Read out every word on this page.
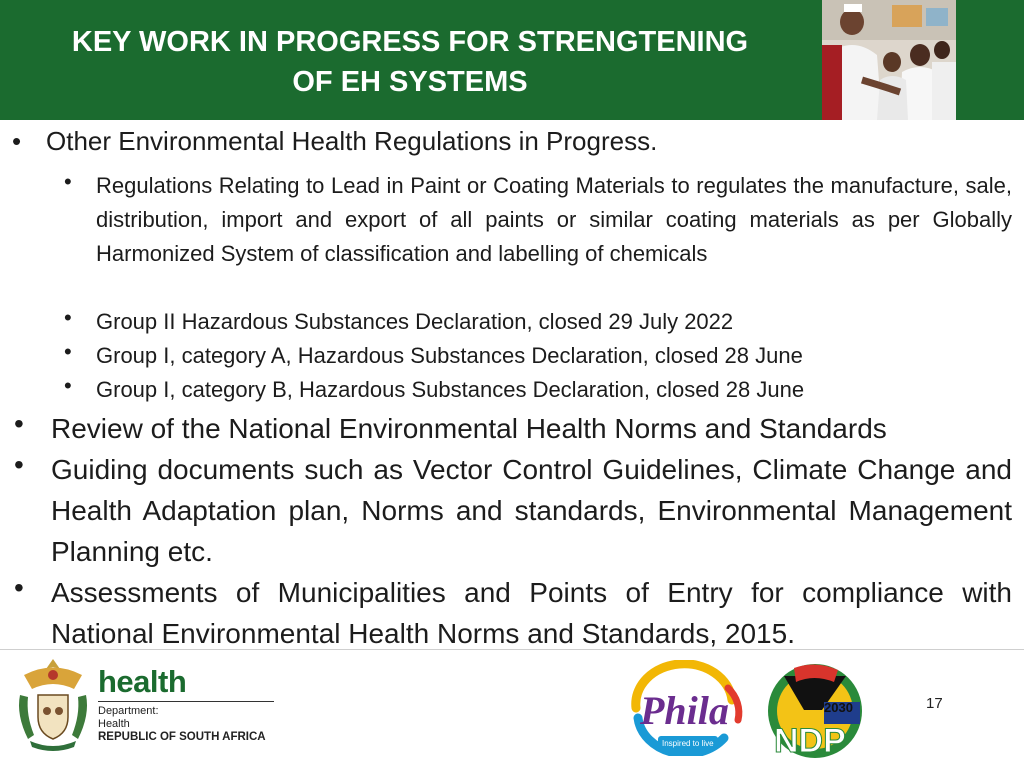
KEY WORK IN PROGRESS FOR STRENGTENING
OF EH SYSTEMS
• Other Environmental Health Regulations in Progress.
• Regulations Relating to Lead in Paint or Coating Materials to regulates the manufacture, sale, distribution, import and export of all paints or similar coating materials as per Globally Harmonized System of classification and labelling of chemicals
• Group II Hazardous Substances Declaration, closed 29 July 2022
• Group I, category A, Hazardous Substances Declaration, closed 28 June
• Group I, category B, Hazardous Substances Declaration, closed 28 June
• Review of the National Environmental Health Norms and Standards
• Guiding documents such as Vector Control Guidelines, Climate Change and Health Adaptation plan, Norms and standards, Environmental Management Planning etc.
• Assessments of Municipalities and Points of Entry for compliance with National Environmental Health Norms and Standards, 2015.
health
Department:
Health
REPUBLIC OF SOUTH AFRICA
Phila
Inspired to live
2030
NDP
17
